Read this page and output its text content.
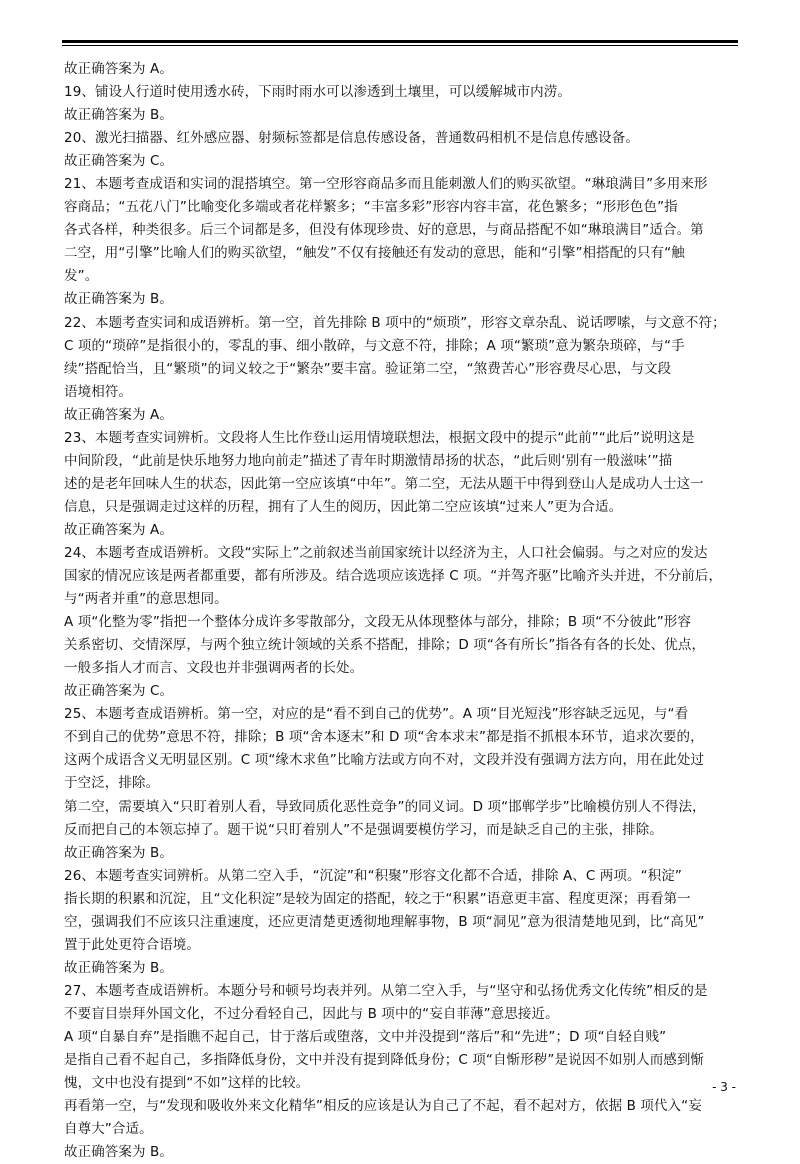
故正确答案为 A。
19、铺设人行道时使用透水砖，下雨时雨水可以渗透到土壤里，可以缓解城市内涝。
故正确答案为 B。
20、激光扫描器、红外感应器、射频标签都是信息传感设备，普通数码相机不是信息传感设备。
故正确答案为 C。
21、本题考查成语和实词的混搭填空。第一空形容商品多而且能刺激人们的购买欲望。“琳琅满目”多用来形
容商品；“五花八门”比喻变化多端或者花样繁多；“丰富多彩”形容内容丰富，花色繁多；“形形色色”指
各式各样，种类很多。后三个词都是多，但没有体现珍贵、好的意思，与商品搭配不如“琳琅满目”适合。第
二空，用“引擎”比喻人们的购买欲望，“触发”不仅有接触还有发动的意思，能和“引擎”相搭配的只有“触
发”。
故正确答案为 B。
22、本题考查实词和成语辨析。第一空，首先排除 B 项中的“烦琐”，形容文章杂乱、说话啰嗦，与文意不符；
C 项的“琐碎”是指很小的，零乱的事、细小散碎，与文意不符，排除；A 项“繁琐”意为繁杂琐碎，与“手
续”搭配恰当，且“繁琐”的词义较之于“繁杂”要丰富。验证第二空，“煞费苦心”形容费尽心思，与文段
语境相符。
故正确答案为 A。
23、本题考查实词辨析。文段将人生比作登山运用情境联想法，根据文段中的提示“此前”“此后”说明这是
中间阶段，“此前是快乐地努力地向前走”描述了青年时期激情昂扬的状态，“此后则‘别有一般滋味’”描
述的是老年回味人生的状态，因此第一空应该填“中年”。第二空，无法从题干中得到登山人是成功人士这一
信息，只是强调走过这样的历程，拥有了人生的阅历，因此第二空应该填“过来人”更为合适。
故正确答案为 A。
24、本题考查成语辨析。文段“实际上”之前叙述当前国家统计以经济为主，人口社会偏弱。与之对应的发达
国家的情况应该是两者都重要，都有所涉及。结合选项应该选择 C 项。“并驾齐驱”比喻齐头并进，不分前后，
与“两者并重”的意思想同。
A 项“化整为零”指把一个整体分成许多零散部分，文段无从体现整体与部分，排除；B 项“不分彼此”形容
关系密切、交情深厚，与两个独立统计领域的关系不搭配，排除；D 项“各有所长”指各有各的长处、优点，
一般多指人才而言、文段也并非强调两者的长处。
故正确答案为 C。
25、本题考查成语辨析。第一空，对应的是“看不到自己的优势”。A 项“目光短浅”形容缺乏远见，与“看
不到自己的优势”意思不符，排除；B 项“舍本逐末”和 D 项“舍本求末”都是指不抓根本环节，追求次要的，
这两个成语含义无明显区别。C 项“缘木求鱼”比喻方法或方向不对，文段并没有强调方法方向，用在此处过
于空泛，排除。
第二空，需要填入“只盯着别人看，导致同质化恶性竞争”的同义词。D 项“邯郸学步”比喻模仿别人不得法，
反而把自己的本领忘掉了。题干说“只盯着别人”不是强调要模仿学习，而是缺乏自己的主张，排除。
故正确答案为 B。
26、本题考查实词辨析。从第二空入手，“沉淀”和“积聚”形容文化都不合适，排除 A、C 两项。“积淀”
指长期的积累和沉淀，且“文化积淀”是较为固定的搭配，较之于“积累”语意更丰富、程度更深；再看第一
空，强调我们不应该只注重速度，还应更清楚更透彻地理解事物，B 项“洞见”意为很清楚地见到，比“高见”
置于此处更符合语境。
故正确答案为 B。
27、本题考查成语辨析。本题分号和顿号均表并列。从第二空入手，与“坚守和弘扬优秀文化传统”相反的是
不要盲目崇拜外国文化，不过分看轻自己，因此与 B 项中的“妄自菲薄”意思接近。
A 项“自暴自弃”是指瞧不起自己，甘于落后或堕落，文中并没提到“落后”和“先进”；D 项“自轻自贱”
是指自己看不起自己，多指降低身份，文中并没有提到降低身份；C 项“自惭形秽”是说因不如别人而感到惭
愧，文中也没有提到“不如”这样的比较。
再看第一空，与“发现和吸收外来文化精华”相反的应该是认为自己了不起，看不起对方，依据 B 项代入“妄
自尊大”合适。
故正确答案为 B。
- 3 -
